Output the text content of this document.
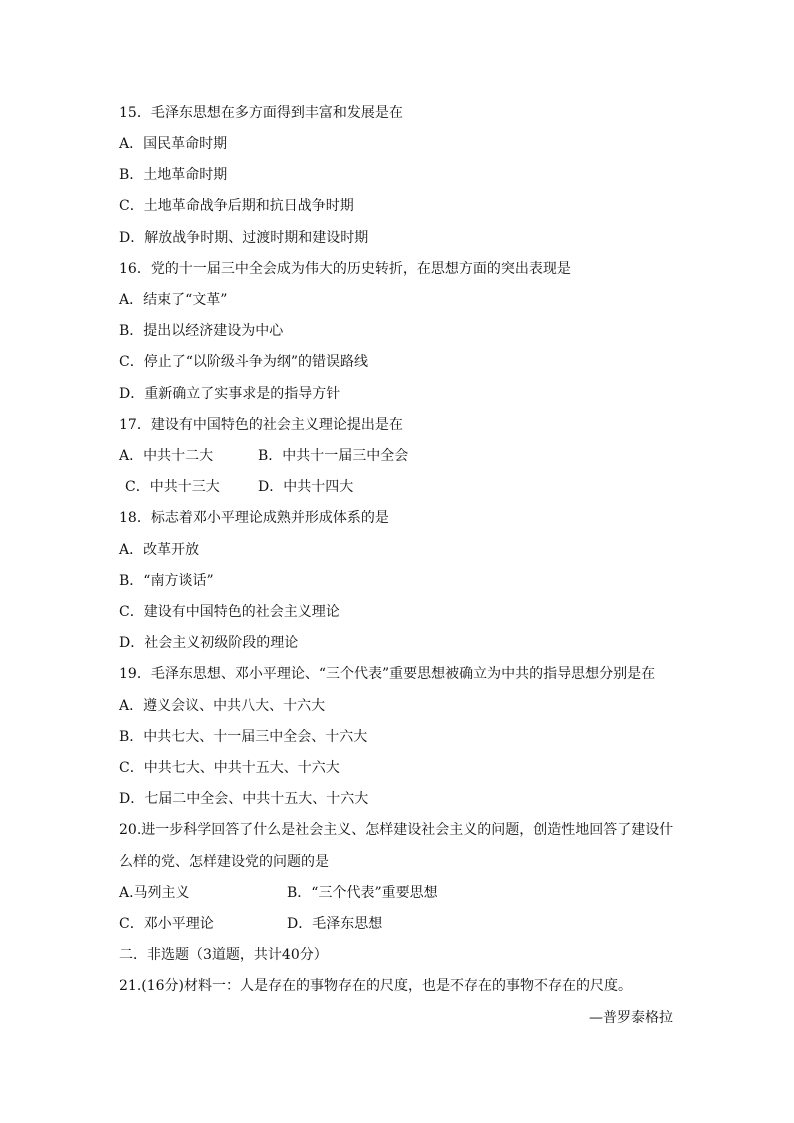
15．毛泽东思想在多方面得到丰富和发展是在
A．国民革命时期
B．土地革命时期
C．土地革命战争后期和抗日战争时期
D．解放战争时期、过渡时期和建设时期
16．党的十一届三中全会成为伟大的历史转折，在思想方面的突出表现是
A．结束了“文革”
B．提出以经济建设为中心
C．停止了“以阶级斗争为纲”的错误路线
D．重新确立了实事求是的指导方针
17．建设有中国特色的社会主义理论提出是在
A．中共十二大	B．中共十一届三中全会
C．中共十三大	D．中共十四大
18．标志着邓小平理论成熟并形成体系的是
A．改革开放
B．“南方谈话”
C．建设有中国特色的社会主义理论
D．社会主义初级阶段的理论
19．毛泽东思想、邓小平理论、“三个代表”重要思想被确立为中共的指导思想分别是在
A．遵义会议、中共八大、十六大
B．中共七大、十一届三中全会、十六大
C．中共七大、中共十五大、十六大
D．七届二中全会、中共十五大、十六大
20.进一步科学回答了什么是社会主义、怎样建设社会主义的问题，创造性地回答了建设什
么样的党、怎样建设党的问题的是
A.马列主义	B．“三个代表”重要思想
C．邓小平理论	D．毛泽东思想
二．非选题（3道题，共计40分）
21.(16分)材料一：人是存在的事物存在的尺度，也是不存在的事物不存在的尺度。
—普罗泰格拉
